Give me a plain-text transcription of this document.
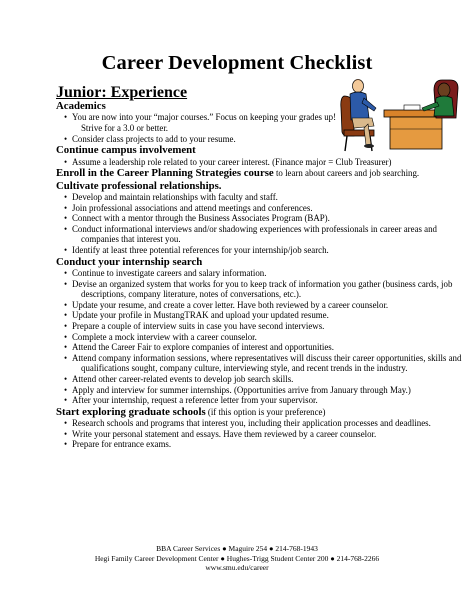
Career Development Checklist
Junior: Experience
Academics
• You are now into your “major courses.” Focus on keeping your grades up! Strive for a 3.0 or better.
• Consider class projects to add to your resume.
Continue campus involvement
• Assume a leadership role related to your career interest. (Finance major = Club Treasurer)
Enroll in the Career Planning Strategies course to learn about careers and job searching.
Cultivate professional relationships.
• Develop and maintain relationships with faculty and staff.
• Join professional associations and attend meetings and conferences.
• Connect with a mentor through the Business Associates Program (BAP).
• Conduct informational interviews and/or shadowing experiences with professionals in career areas and companies that interest you.
• Identify at least three potential references for your internship/job search.
Conduct your internship search
• Continue to investigate careers and salary information.
• Devise an organized system that works for you to keep track of information you gather (business cards, job descriptions, company literature, notes of conversations, etc.).
• Update your resume, and create a cover letter. Have both reviewed by a career counselor.
• Update your profile in MustangTRAK and upload your updated resume.
• Prepare a couple of interview suits in case you have second interviews.
• Complete a mock interview with a career counselor.
• Attend the Career Fair to explore companies of interest and opportunities.
• Attend company information sessions, where representatives will discuss their career opportunities, skills and qualifications sought, company culture, interviewing style, and recent trends in the industry.
• Attend other career-related events to develop job search skills.
• Apply and interview for summer internships. (Opportunities arrive from January through May.)
• After your internship, request a reference letter from your supervisor.
Start exploring graduate schools (if this option is your preference)
• Research schools and programs that interest you, including their application processes and deadlines.
• Write your personal statement and essays. Have them reviewed by a career counselor.
• Prepare for entrance exams.
BBA Career Services ● Maguire 254 ● 214-768-1943
Hegi Family Career Development Center ● Hughes-Trigg Student Center 200 ● 214-768-2266
www.smu.edu/career
